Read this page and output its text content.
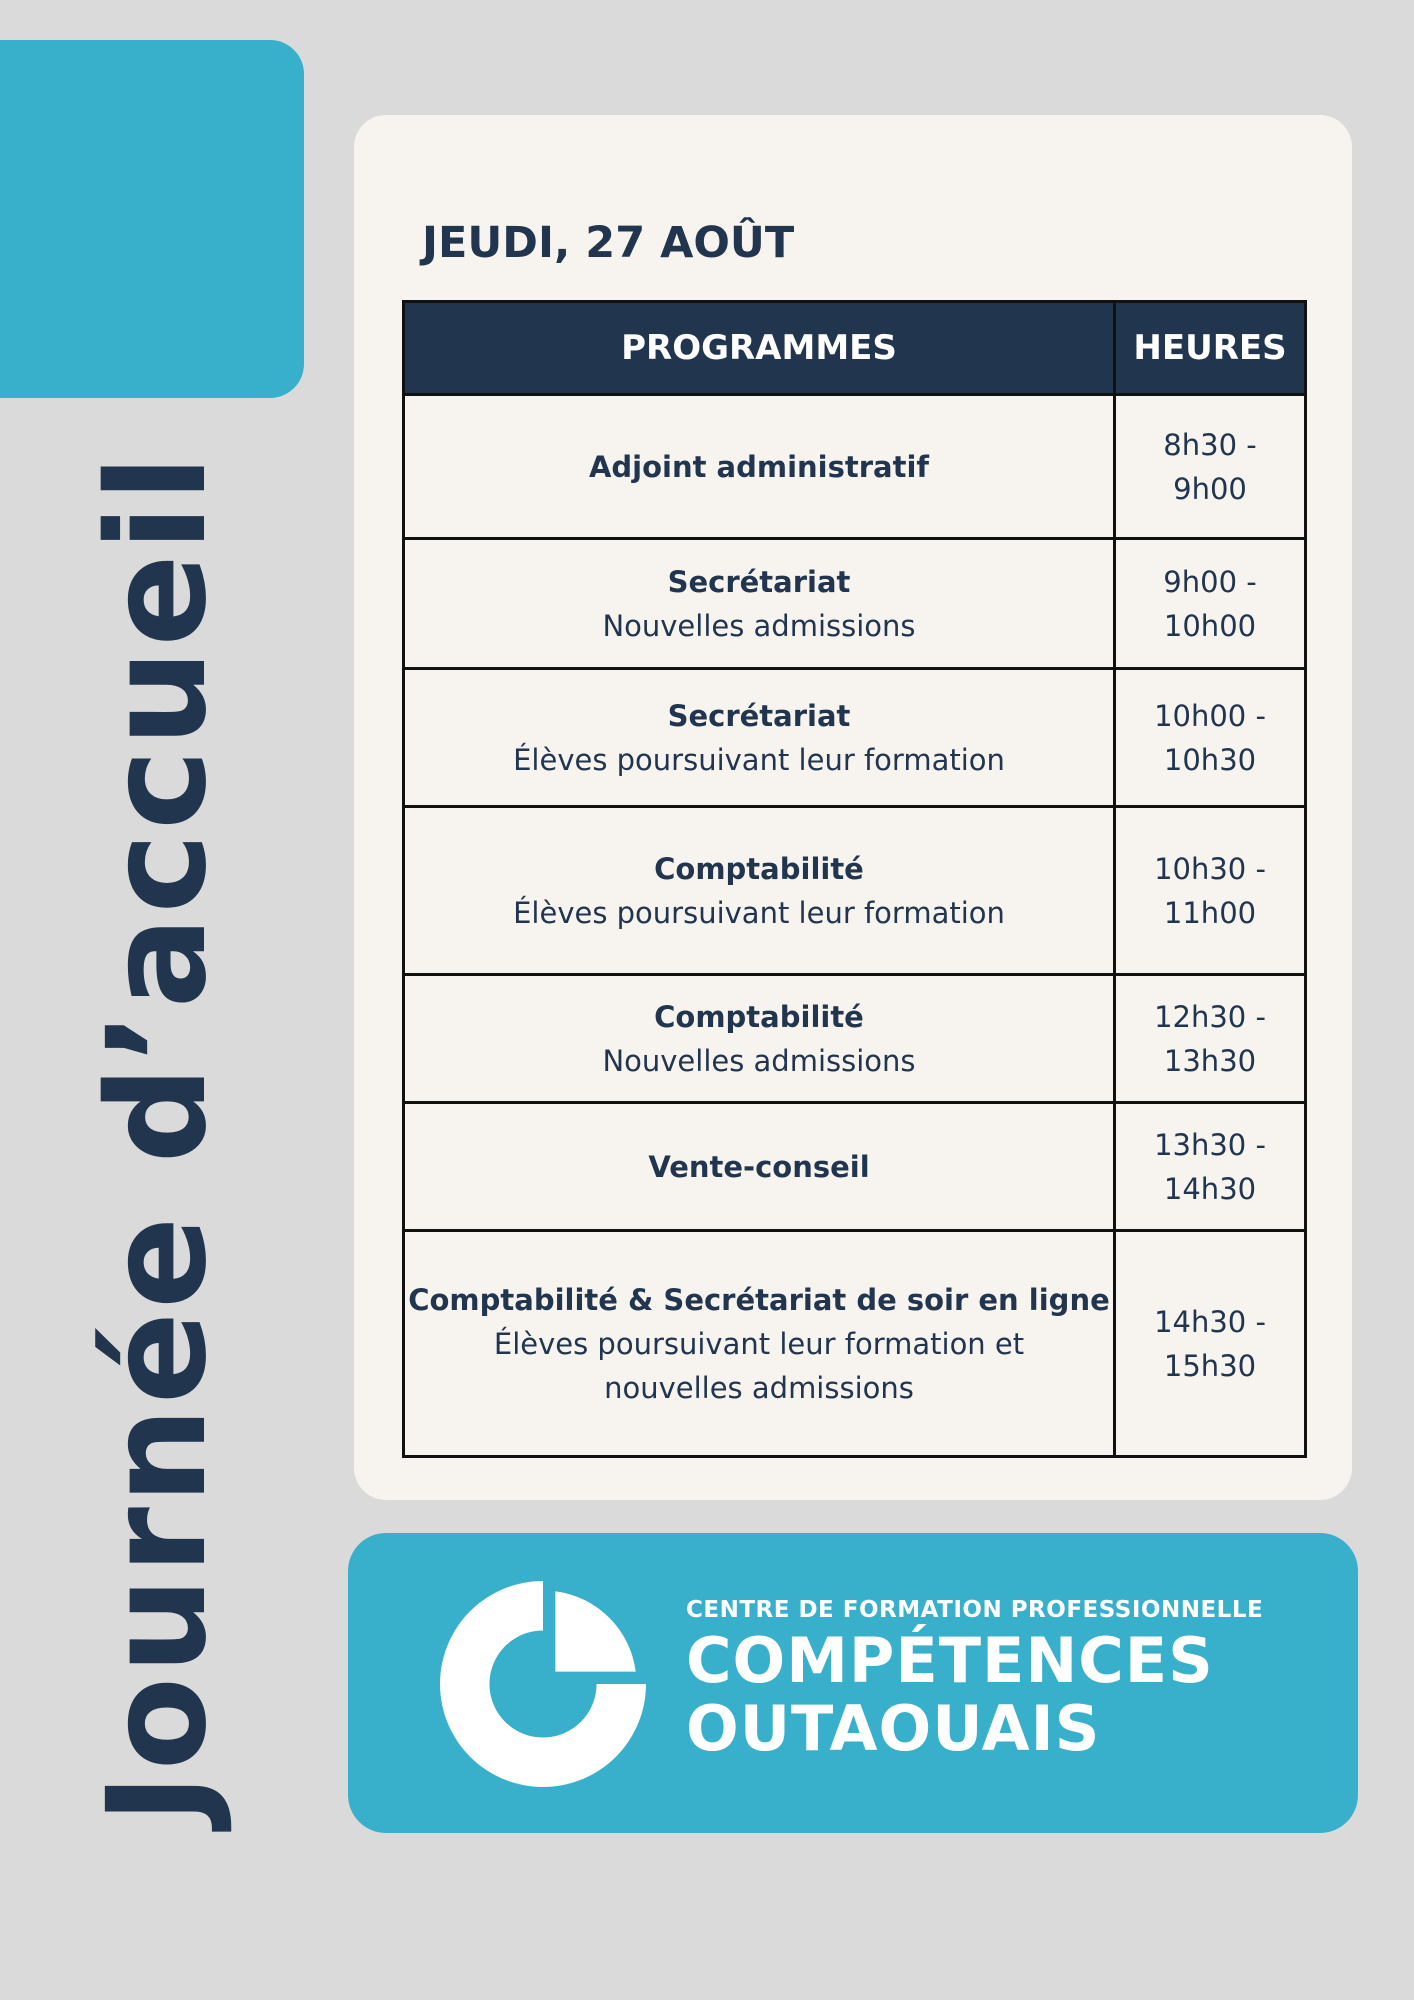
Journée d’accueil
JEUDI, 27 AOÛT
PROGRAMMES	HEURES

Adjoint administratif	8h30 -
9h00

Secrétariat
Nouvelles admissions	9h00 -
10h00

Secrétariat
Élèves poursuivant leur formation	10h00 -
10h30

Comptabilité
Élèves poursuivant leur formation	10h30 -
11h00

Comptabilité
Nouvelles admissions	12h30 -
13h30

Vente-conseil	13h30 -
14h30

Comptabilité & Secrétariat de soir en ligne
Élèves poursuivant leur formation et nouvelles admissions	14h30 -
15h30
CENTRE DE FORMATION PROFESSIONNELLE
COMPÉTENCES
OUTAOUAIS
